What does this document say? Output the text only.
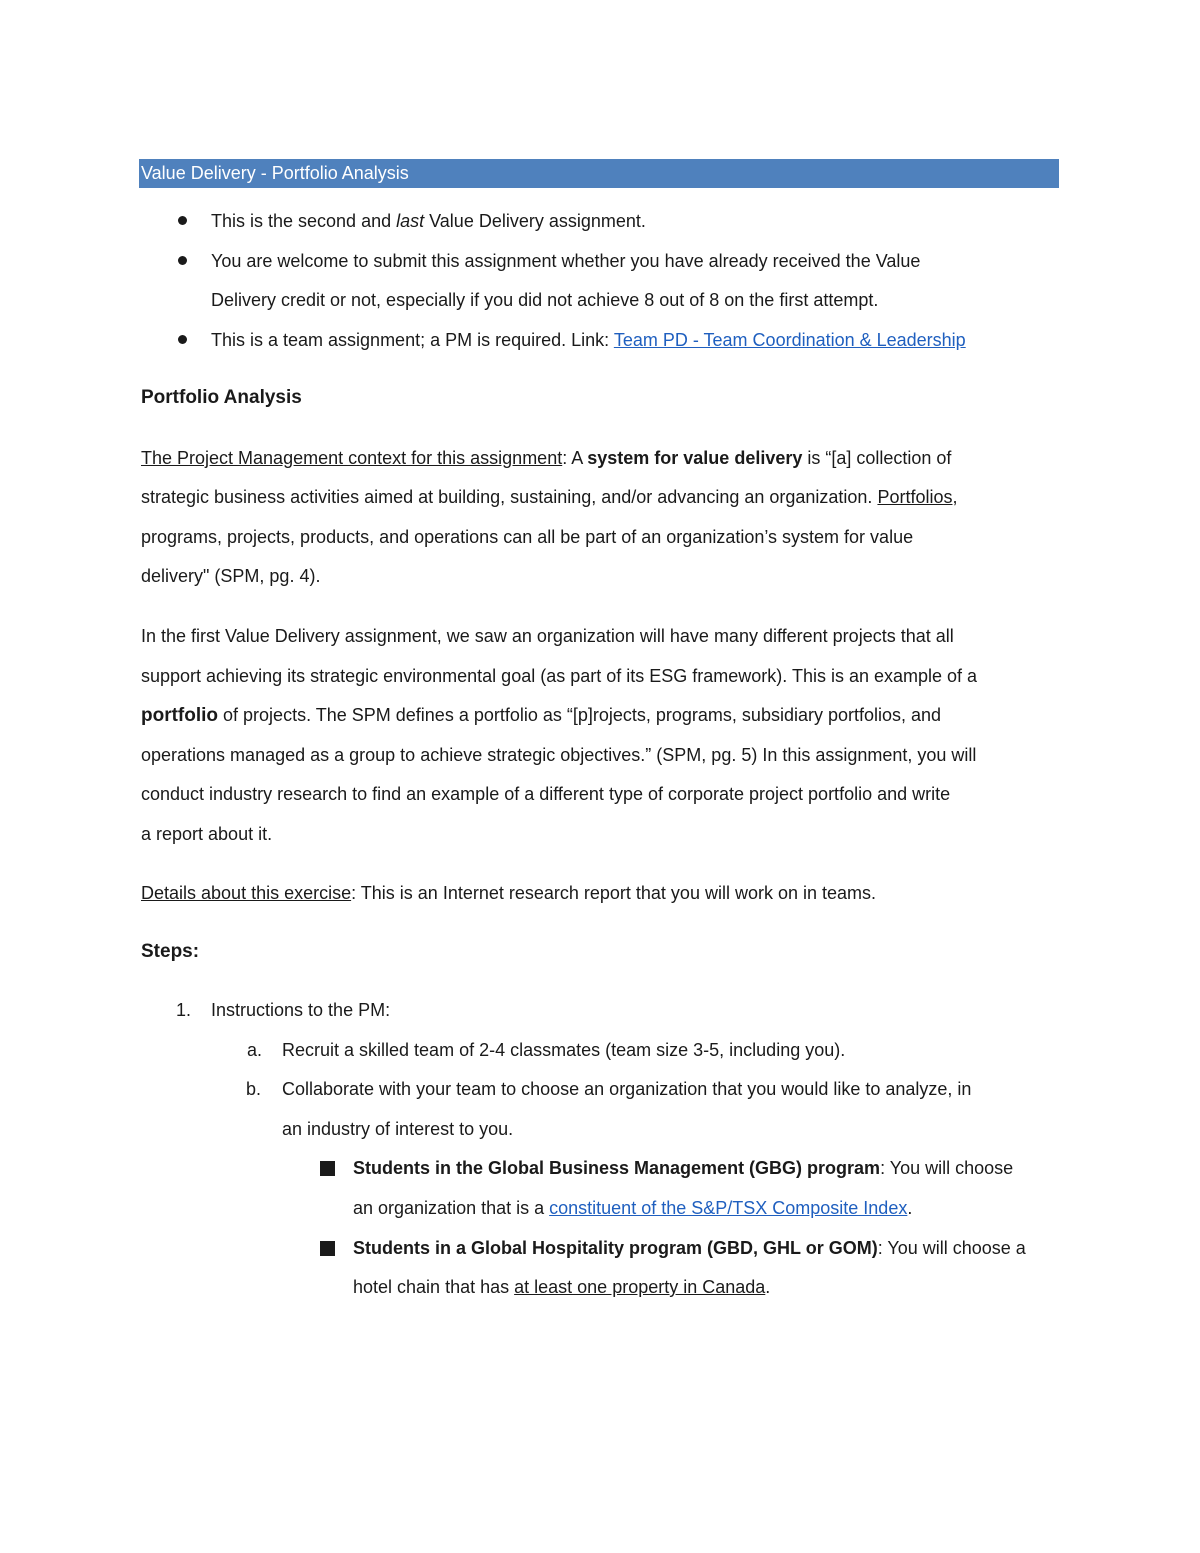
Value Delivery - Portfolio Analysis
This is the second and last Value Delivery assignment.
You are welcome to submit this assignment whether you have already received the Value
Delivery credit or not, especially if you did not achieve 8 out of 8 on the first attempt.
This is a team assignment; a PM is required. Link: Team PD - Team Coordination & Leadership
Portfolio Analysis
The Project Management context for this assignment: A system for value delivery is “[a] collection of
strategic business activities aimed at building, sustaining, and/or advancing an organization. Portfolios,
programs, projects, products, and operations can all be part of an organization’s system for value
delivery" (SPM, pg. 4).
In the first Value Delivery assignment, we saw an organization will have many different projects that all
support achieving its strategic environmental goal (as part of its ESG framework). This is an example of a
portfolio of projects. The SPM defines a portfolio as “[p]rojects, programs, subsidiary portfolios, and
operations managed as a group to achieve strategic objectives.” (SPM, pg. 5) In this assignment, you will
conduct industry research to find an example of a different type of corporate project portfolio and write
a report about it.
Details about this exercise: This is an Internet research report that you will work on in teams.
Steps:
1. Instructions to the PM:
a. Recruit a skilled team of 2-4 classmates (team size 3-5, including you).
b. Collaborate with your team to choose an organization that you would like to analyze, in
an industry of interest to you.
Students in the Global Business Management (GBG) program: You will choose
an organization that is a constituent of the S&P/TSX Composite Index.
Students in a Global Hospitality program (GBD, GHL or GOM): You will choose a
hotel chain that has at least one property in Canada.
